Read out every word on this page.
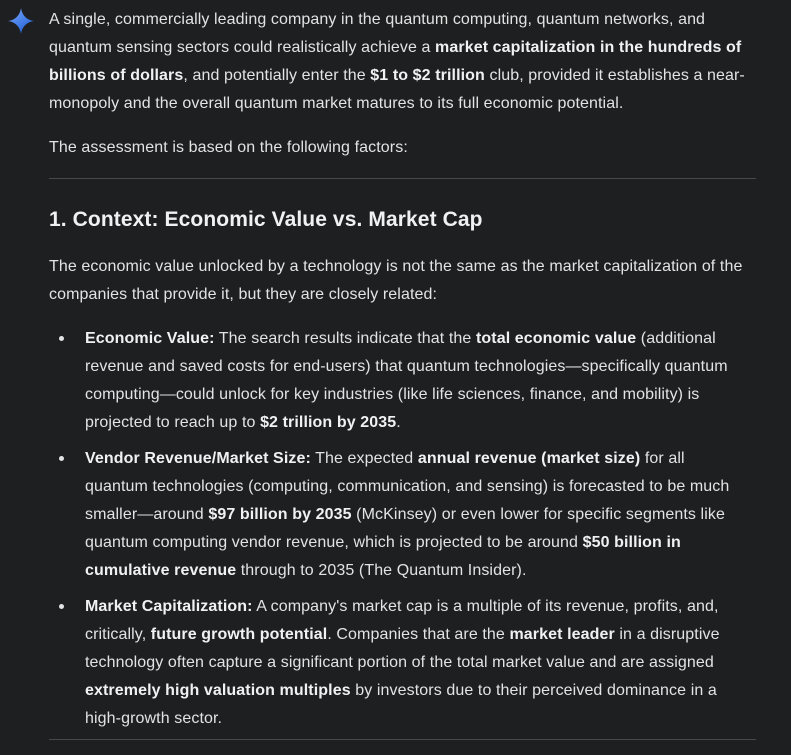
A single, commercially leading company in the quantum computing, quantum networks, and quantum sensing sectors could realistically achieve a market capitalization in the hundreds of billions of dollars, and potentially enter the $1 to $2 trillion club, provided it establishes a near-monopoly and the overall quantum market matures to its full economic potential.

The assessment is based on the following factors:

1. Context: Economic Value vs. Market Cap

The economic value unlocked by a technology is not the same as the market capitalization of the companies that provide it, but they are closely related:

Economic Value: The search results indicate that the total economic value (additional revenue and saved costs for end-users) that quantum technologies—specifically quantum computing—could unlock for key industries (like life sciences, finance, and mobility) is projected to reach up to $2 trillion by 2035.
Vendor Revenue/Market Size: The expected annual revenue (market size) for all quantum technologies (computing, communication, and sensing) is forecasted to be much smaller—around $97 billion by 2035 (McKinsey) or even lower for specific segments like quantum computing vendor revenue, which is projected to be around $50 billion in cumulative revenue through to 2035 (The Quantum Insider).
Market Capitalization: A company's market cap is a multiple of its revenue, profits, and, critically, future growth potential. Companies that are the market leader in a disruptive technology often capture a significant portion of the total market value and are assigned extremely high valuation multiples by investors due to their perceived dominance in a high-growth sector.
